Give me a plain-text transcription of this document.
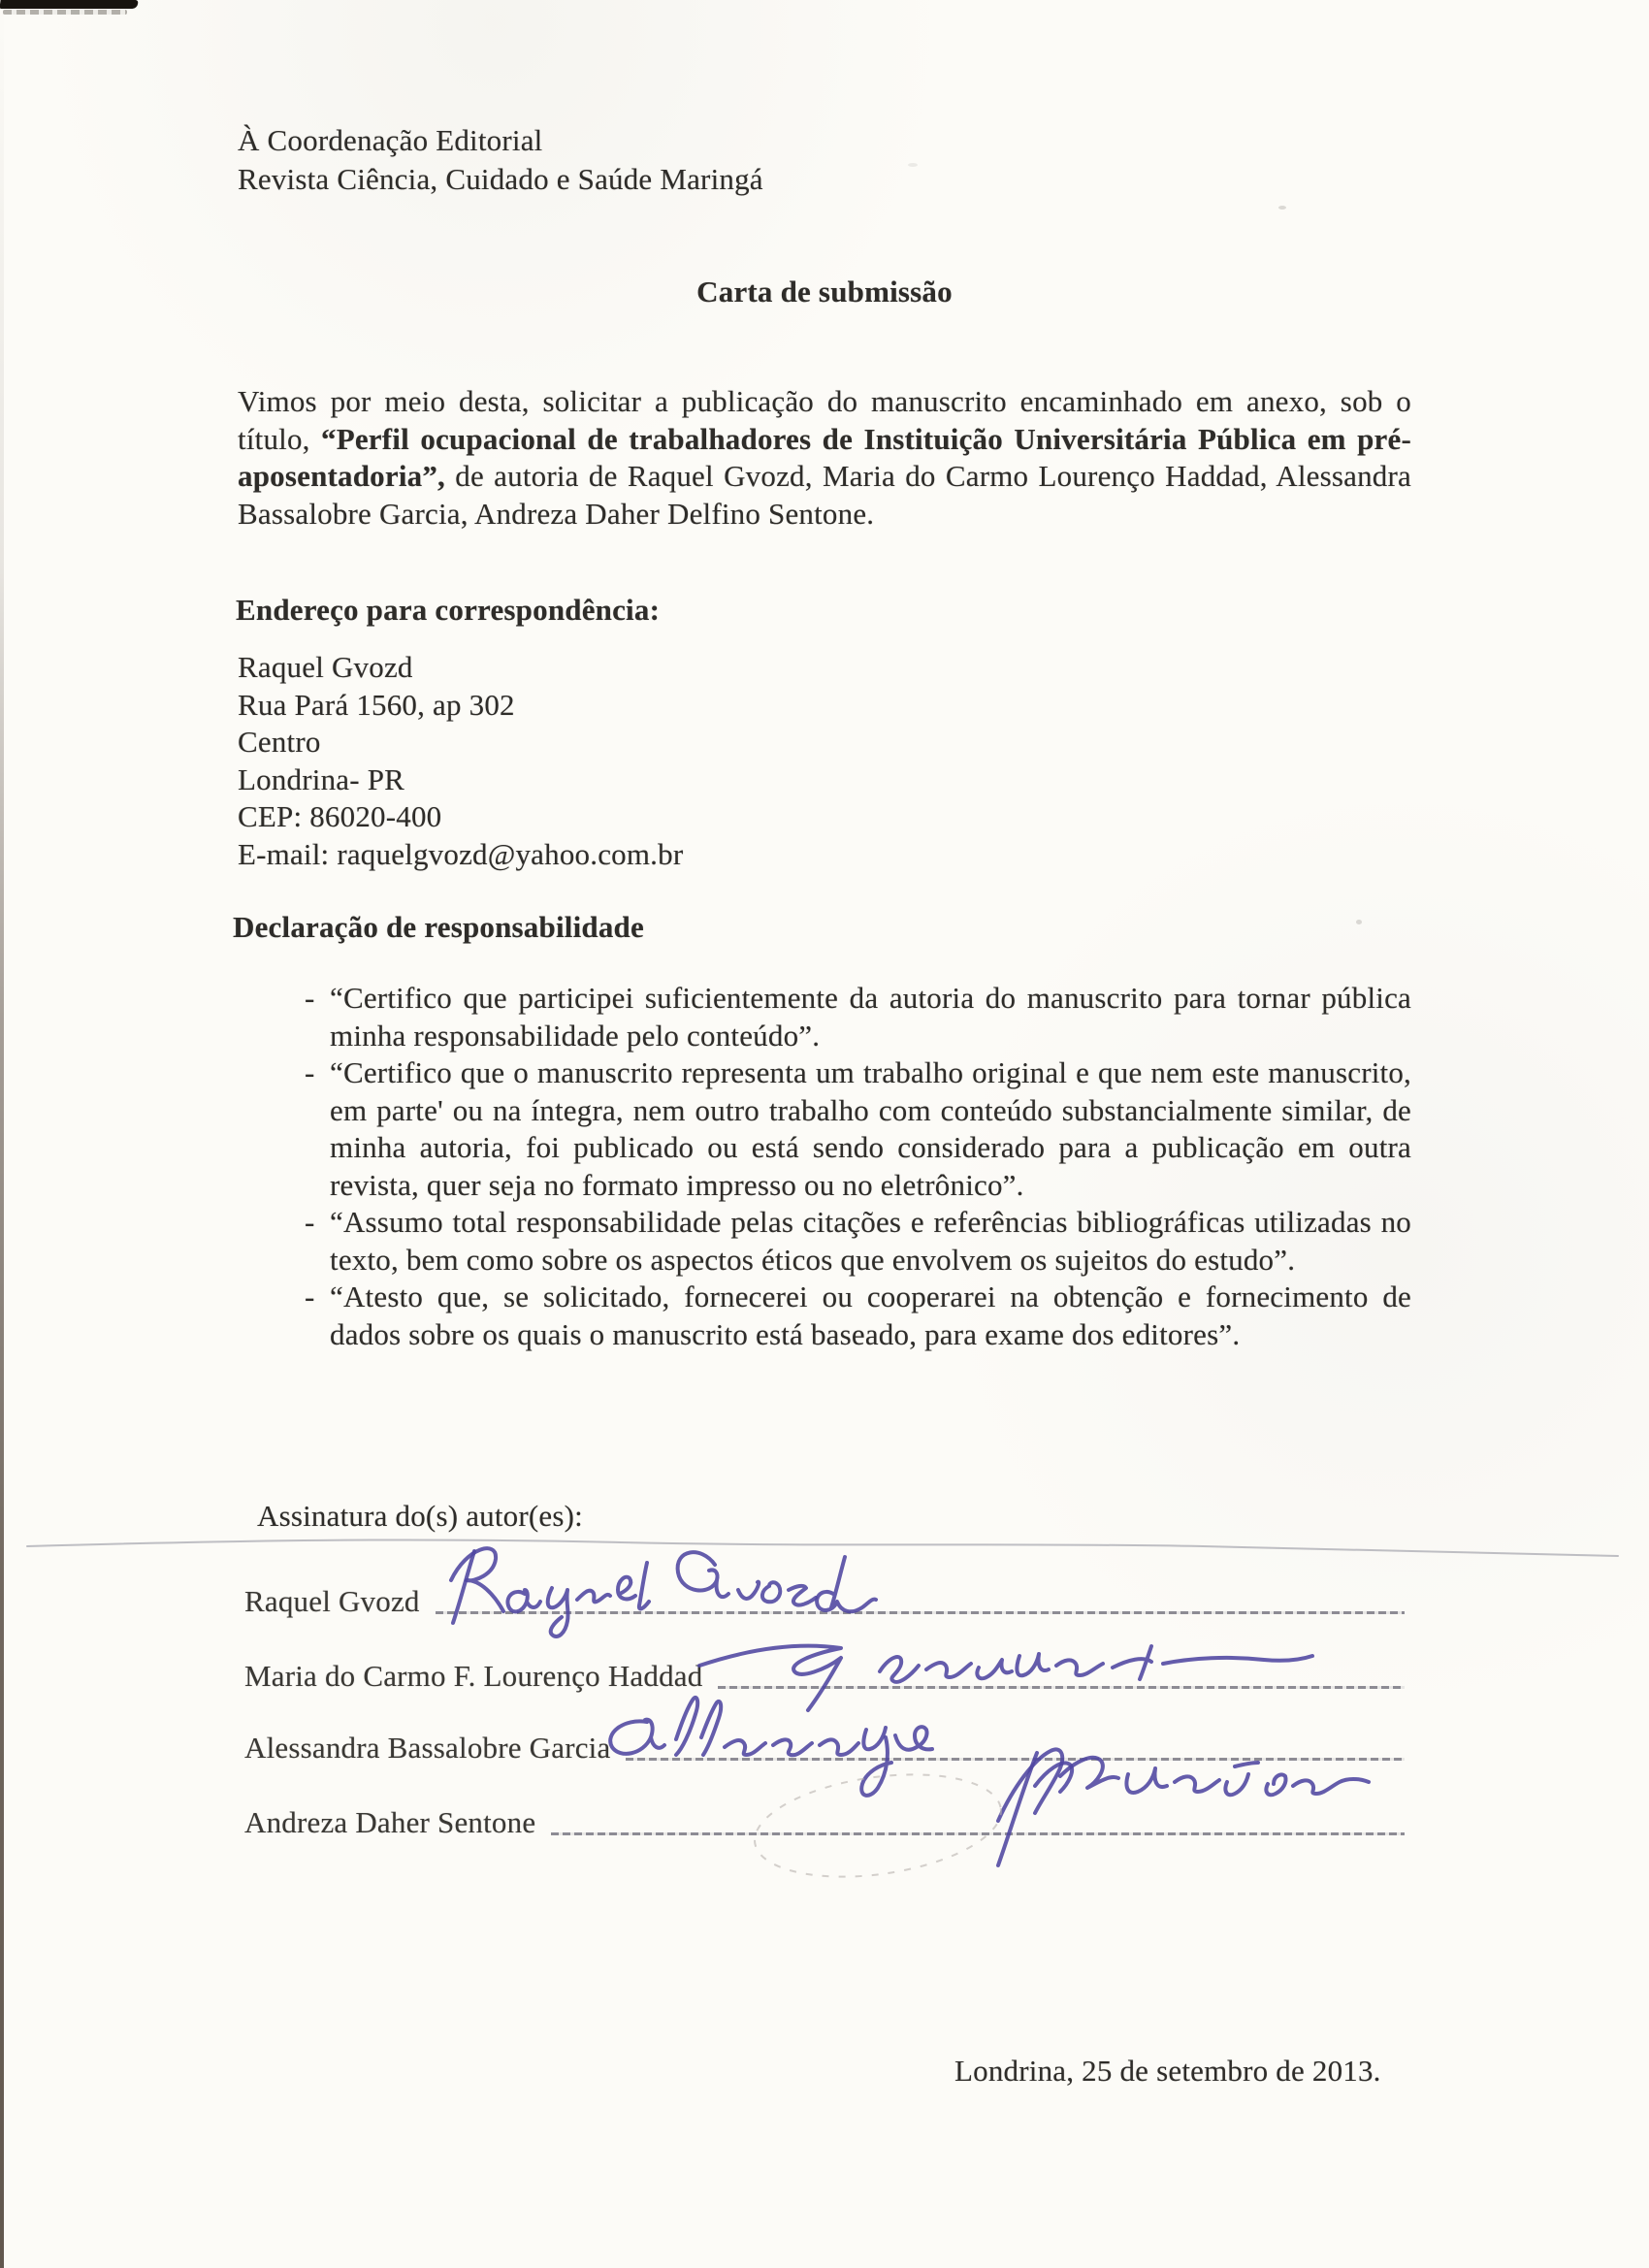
À Coordenação Editorial
Revista Ciência, Cuidado e Saúde Maringá
Carta de submissão
Vimos por meio desta, solicitar a publicação do manuscrito encaminhado em anexo, sob o título, “Perfil ocupacional de trabalhadores de Instituição Universitária Pública em pré-aposentadoria”, de autoria de Raquel Gvozd, Maria do Carmo Lourenço Haddad, Alessandra Bassalobre Garcia, Andreza Daher Delfino Sentone.
Endereço para correspondência:
Raquel Gvozd
Rua Pará 1560, ap 302
Centro
Londrina- PR
CEP: 86020-400
E-mail: raquelgvozd@yahoo.com.br
Declaração de responsabilidade
- “Certifico que participei suficientemente da autoria do manuscrito para tornar pública minha responsabilidade pelo conteúdo”.
- “Certifico que o manuscrito representa um trabalho original e que nem este manuscrito, em parte' ou na íntegra, nem outro trabalho com conteúdo substancialmente similar, de minha autoria, foi publicado ou está sendo considerado para a publicação em outra revista, quer seja no formato impresso ou no eletrônico”.
- “Assumo total responsabilidade pelas citações e referências bibliográficas utilizadas no texto, bem como sobre os aspectos éticos que envolvem os sujeitos do estudo”.
- “Atesto que, se solicitado, fornecerei ou cooperarei na obtenção e fornecimento de dados sobre os quais o manuscrito está baseado, para exame dos editores”.
Assinatura do(s) autor(es):
Raquel Gvozd
Maria do Carmo F. Lourenço Haddad
Alessandra Bassalobre Garcia
Andreza Daher Sentone
Londrina, 25 de setembro de 2013.
